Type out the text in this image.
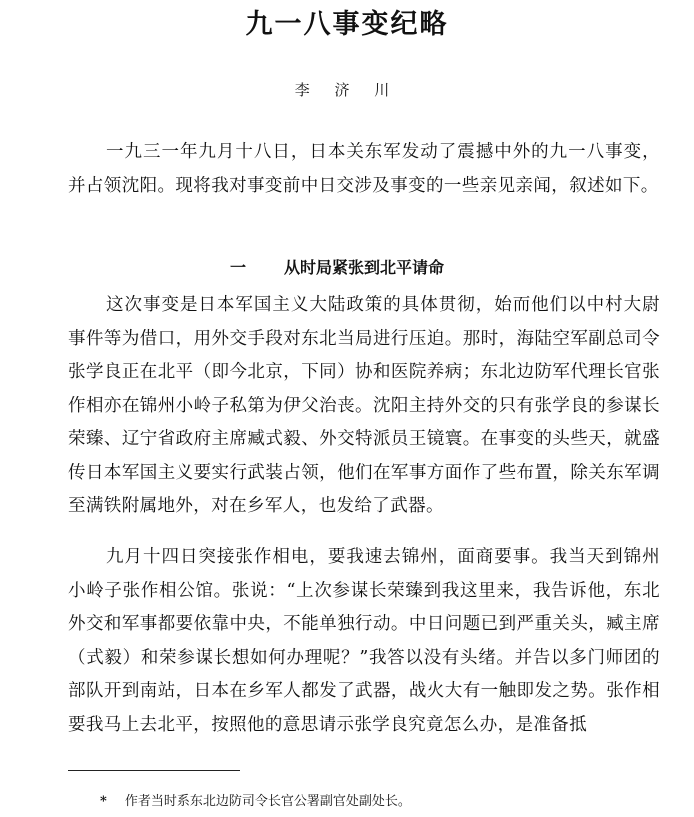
九一八事变纪略

李 济 川

一九三一年九月十八日，日本关东军发动了震撼中外的九一八事变，并占领沈阳。现将我对事变前中日交涉及事变的一些亲见亲闻，叙述如下。

一 从时局紧张到北平请命

这次事变是日本军国主义大陆政策的具体贯彻，始而他们以中村大尉事件等为借口，用外交手段对东北当局进行压迫。那时，海陆空军副总司令张学良正在北平（即今北京，下同）协和医院养病；东北边防军代理长官张作相亦在锦州小岭子私第为伊父治丧。沈阳主持外交的只有张学良的参谋长荣臻、辽宁省政府主席臧式毅、外交特派员王镜寰。在事变的头些天，就盛传日本军国主义要实行武装占领，他们在军事方面作了些布置，除关东军调至满铁附属地外，对在乡军人，也发给了武器。

九月十四日突接张作相电，要我速去锦州，面商要事。我当天到锦州小岭子张作相公馆。张说：“上次参谋长荣臻到我这里来，我告诉他，东北外交和军事都要依靠中央，不能单独行动。中日问题已到严重关头，臧主席（式毅）和荣参谋长想如何办理呢？”我答以没有头绪。并告以多门师团的部队开到南站，日本在乡军人都发了武器，战火大有一触即发之势。张作相要我马上去北平，按照他的意思请示张学良究竟怎么办，是准备抵

* 作者当时系东北边防司令长官公署副官处副处长。
